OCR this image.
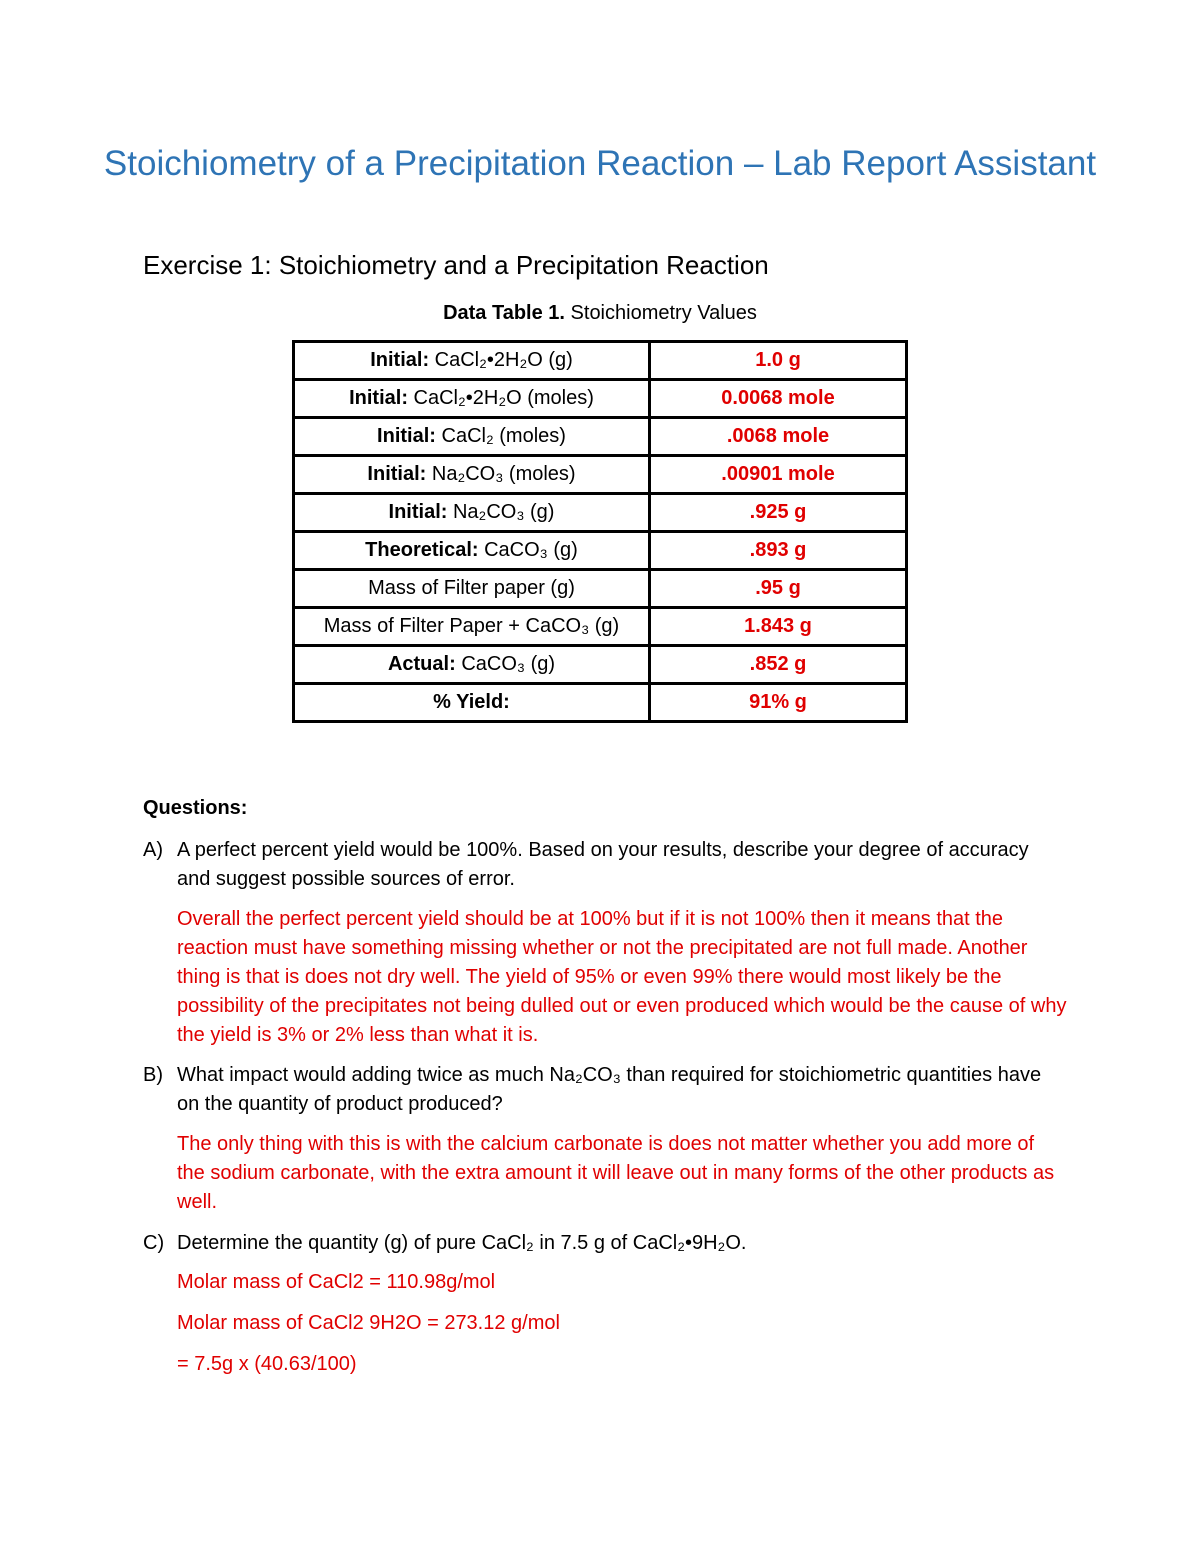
Stoichiometry of a Precipitation Reaction – Lab Report Assistant
Exercise 1: Stoichiometry and a Precipitation Reaction
Data Table 1. Stoichiometry Values
Initial: CaCl₂•2H₂O (g)	1.0 g
Initial: CaCl₂•2H₂O (moles)	0.0068 mole
Initial: CaCl₂ (moles)	.0068 mole
Initial: Na₂CO₃ (moles)	.00901 mole
Initial: Na₂CO₃ (g)	.925 g
Theoretical: CaCO₃ (g)	.893 g
Mass of Filter paper (g)	.95 g
Mass of Filter Paper + CaCO₃ (g)	1.843 g
Actual: CaCO₃ (g)	.852 g
% Yield:	91% g
Questions:
A) A perfect percent yield would be 100%. Based on your results, describe your degree of accuracy and suggest possible sources of error.
Overall the perfect percent yield should be at 100% but if it is not 100% then it means that the reaction must have something missing whether or not the precipitated are not full made. Another thing is that is does not dry well. The yield of 95% or even 99% there would most likely be the possibility of the precipitates not being dulled out or even produced which would be the cause of why the yield is 3% or 2% less than what it is.
B) What impact would adding twice as much Na₂CO₃ than required for stoichiometric quantities have on the quantity of product produced?
The only thing with this is with the calcium carbonate is does not matter whether you add more of the sodium carbonate, with the extra amount it will leave out in many forms of the other products as well.
C) Determine the quantity (g) of pure CaCl₂ in 7.5 g of CaCl₂•9H₂O.
Molar mass of CaCl2 = 110.98g/mol
Molar mass of CaCl2 9H2O = 273.12 g/mol
= 7.5g x (40.63/100)
